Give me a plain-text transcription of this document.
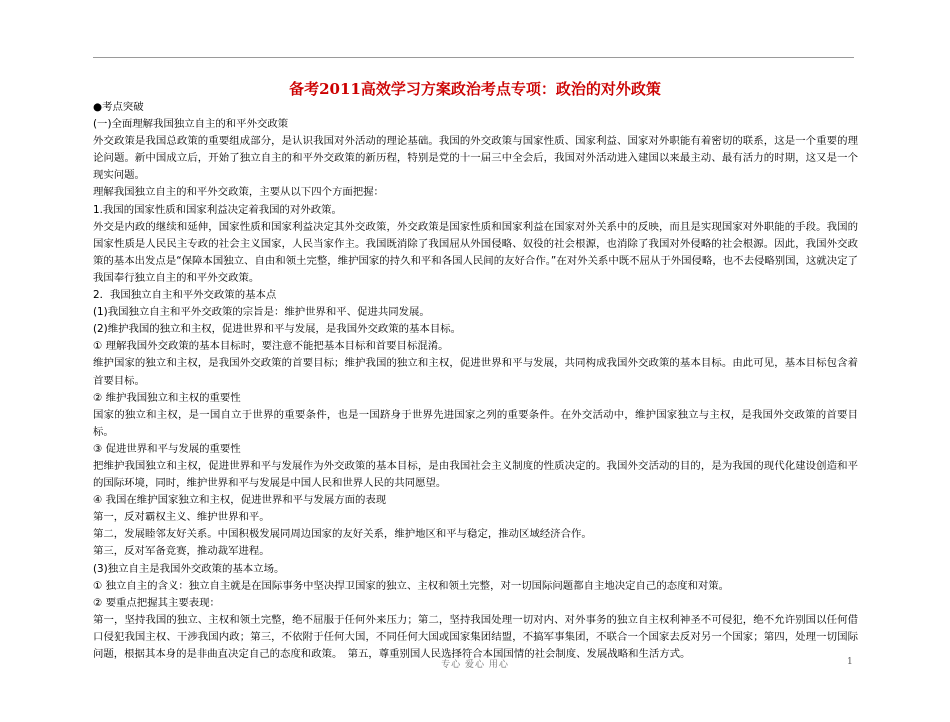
备考2011高效学习方案政治考点专项：政治的对外政策

●考点突破

(一)全面理解我国独立自主的和平外交政策

外交政策是我国总政策的重要组成部分，是认识我国对外活动的理论基础。我国的外交政策与国家性质、国家利益、国家对外职能有着密切的联系，这是一个重要的理论问题。新中国成立后，开始了独立自主的和平外交政策的新历程，特别是党的十一届三中全会后，我国对外活动进入建国以来最主动、最有活力的时期，这又是一个现实问题。

理解我国独立自主的和平外交政策，主要从以下四个方面把握：

1.我国的国家性质和国家利益决定着我国的对外政策。

外交是内政的继续和延伸，国家性质和国家利益决定其外交政策，外交政策是国家性质和国家利益在国家对外关系中的反映，而且是实现国家对外职能的手段。我国的国家性质是人民民主专政的社会主义国家，人民当家作主。我国既消除了我国屈从外国侵略、奴役的社会根源，也消除了我国对外侵略的社会根源。因此，我国外交政策的基本出发点是“保障本国独立、自由和领土完整，维护国家的持久和平和各国人民间的友好合作。”在对外关系中既不屈从于外国侵略，也不去侵略别国，这就决定了我国奉行独立自主的和平外交政策。

2．我国独立自主和平外交政策的基本点

(1)我国独立自主和平外交政策的宗旨是：维护世界和平、促进共同发展。

(2)维护我国的独立和主权，促进世界和平与发展，是我国外交政策的基本目标。

① 理解我国外交政策的基本目标时，要注意不能把基本目标和首要目标混淆。

维护国家的独立和主权，是我国外交政策的首要目标；维护我国的独立和主权，促进世界和平与发展，共同构成我国外交政策的基本目标。由此可见，基本目标包含着首要目标。

② 维护我国独立和主权的重要性

国家的独立和主权，是一国自立于世界的重要条件，也是一国跻身于世界先进国家之列的重要条件。在外交活动中，维护国家独立与主权，是我国外交政策的首要目标。

③ 促进世界和平与发展的重要性

把维护我国独立和主权，促进世界和平与发展作为外交政策的基本目标，是由我国社会主义制度的性质决定的。我国外交活动的目的，是为我国的现代化建设创造和平的国际环境，同时，维护世界和平与发展是中国人民和世界人民的共同愿望。

④ 我国在维护国家独立和主权，促进世界和平与发展方面的表现

第一，反对霸权主义、维护世界和平。

第二，发展睦邻友好关系。中国积极发展同周边国家的友好关系，维护地区和平与稳定，推动区域经济合作。

第三，反对军备竞赛，推动裁军进程。

(3)独立自主是我国外交政策的基本立场。

① 独立自主的含义：独立自主就是在国际事务中坚决捍卫国家的独立、主权和领土完整，对一切国际问题都自主地决定自己的态度和对策。

② 要重点把握其主要表现：

第一，坚持我国的独立、主权和领土完整，绝不屈服于任何外来压力；第二，坚持我国处理一切对内、对外事务的独立自主权利神圣不可侵犯，绝不允许别国以任何借口侵犯我国主权、干涉我国内政；第三，不依附于任何大国，不同任何大国或国家集团结盟，不搞军事集团，不联合一个国家去反对另一个国家；第四，处理一切国际问题，根据其本身的是非曲直决定自己的态度和政策。　第五，尊重别国人民选择符合本国国情的社会制度、发展战略和生活方式。

专心 爱心 用心	1
